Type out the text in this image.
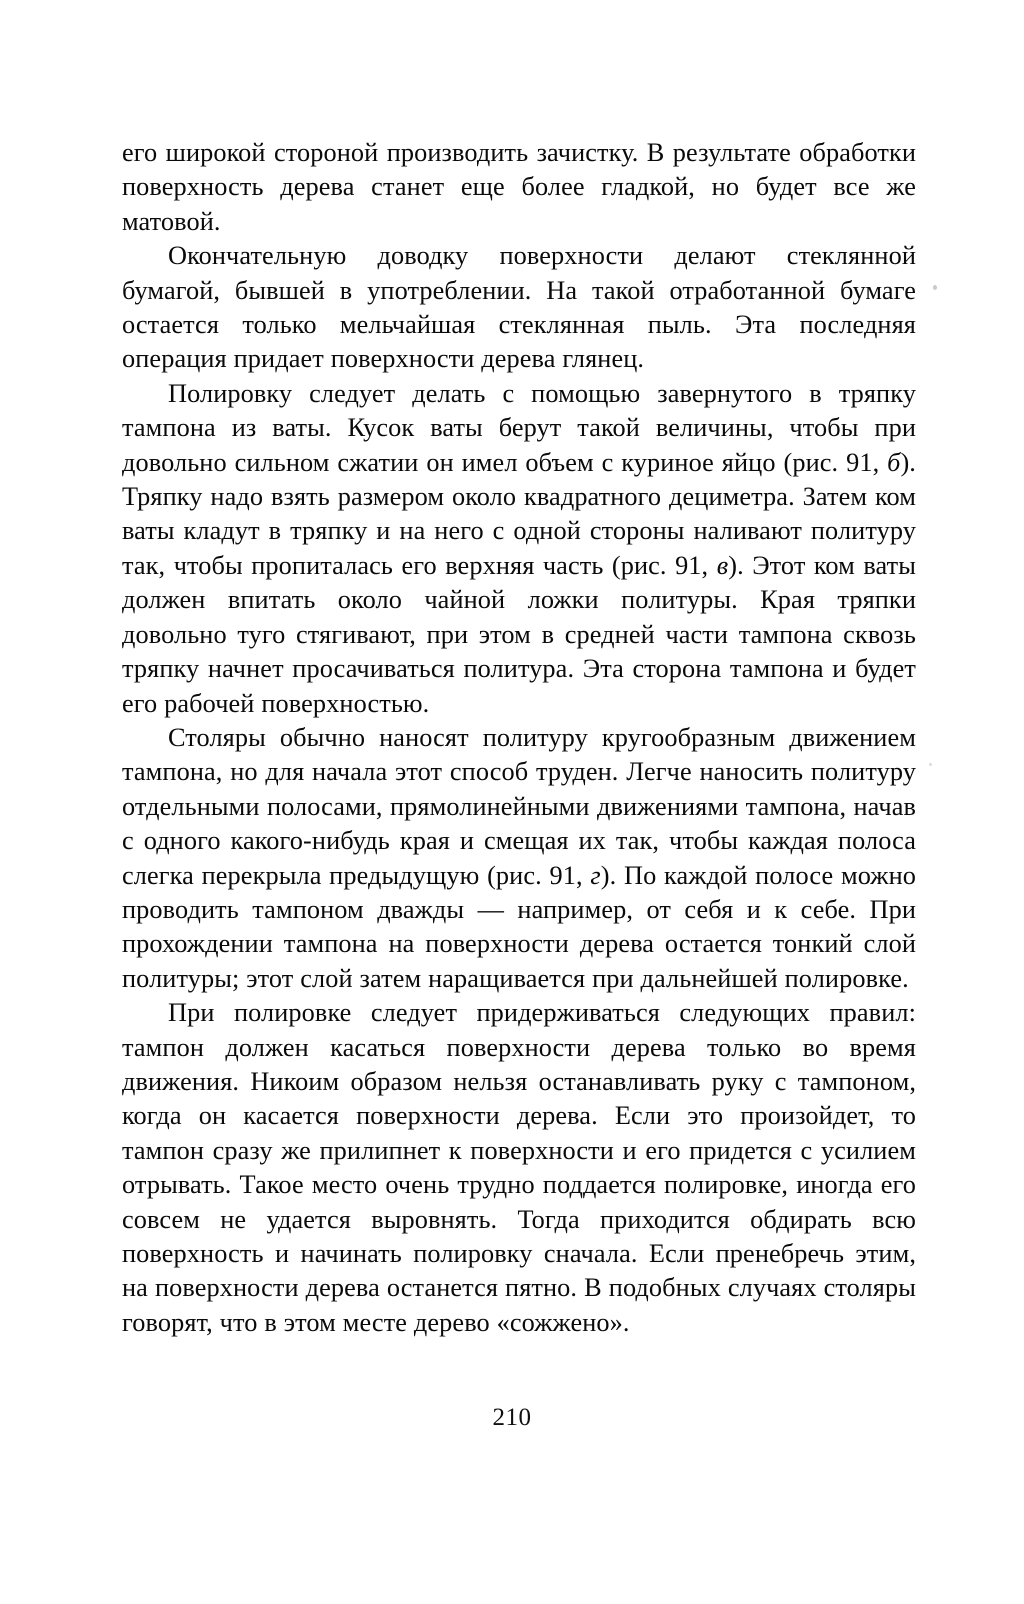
его широкой стороной производить зачистку. В результате обработки поверхность дерева станет еще более гладкой, но будет все же матовой.

Окончательную доводку поверхности делают стеклянной бумагой, бывшей в употреблении. На такой отработанной бумаге остается только мельчайшая стеклянная пыль. Эта последняя операция придает поверхности дерева глянец.

Полировку следует делать с помощью завернутого в тряпку тампона из ваты. Кусок ваты берут такой величины, чтобы при довольно сильном сжатии он имел объем с куриное яйцо (рис. 91, б). Тряпку надо взять размером около квадратного дециметра. Затем ком ваты кладут в тряпку и на него с одной стороны наливают политуру так, чтобы пропиталась его верхняя часть (рис. 91, в). Этот ком ваты должен впитать около чайной ложки политуры. Края тряпки довольно туго стягивают, при этом в средней части тампона сквозь тряпку начнет просачиваться политура. Эта сторона тампона и будет его рабочей поверхностью.

Столяры обычно наносят политуру кругообразным движением тампона, но для начала этот способ труден. Легче наносить политуру отдельными полосами, прямолинейными движениями тампона, начав с одного какого-нибудь края и смещая их так, чтобы каждая полоса слегка перекрыла предыдущую (рис. 91, г). По каждой полосе можно проводить тампоном дважды — например, от себя и к себе. При прохождении тампона на поверхности дерева остается тонкий слой политуры; этот слой затем наращивается при дальнейшей полировке.

При полировке следует придерживаться следующих правил: тампон должен касаться поверхности дерева только во время движения. Никоим образом нельзя останавливать руку с тампоном, когда он касается поверхности дерева. Если это произойдет, то тампон сразу же прилипнет к поверхности и его придется с усилием отрывать. Такое место очень трудно поддается полировке, иногда его совсем не удается выровнять. Тогда приходится обдирать всю поверхность и начинать полировку сначала. Если пренебречь этим, на поверхности дерева останется пятно. В подобных случаях столяры говорят, что в этом месте дерево «сожжено».

210
